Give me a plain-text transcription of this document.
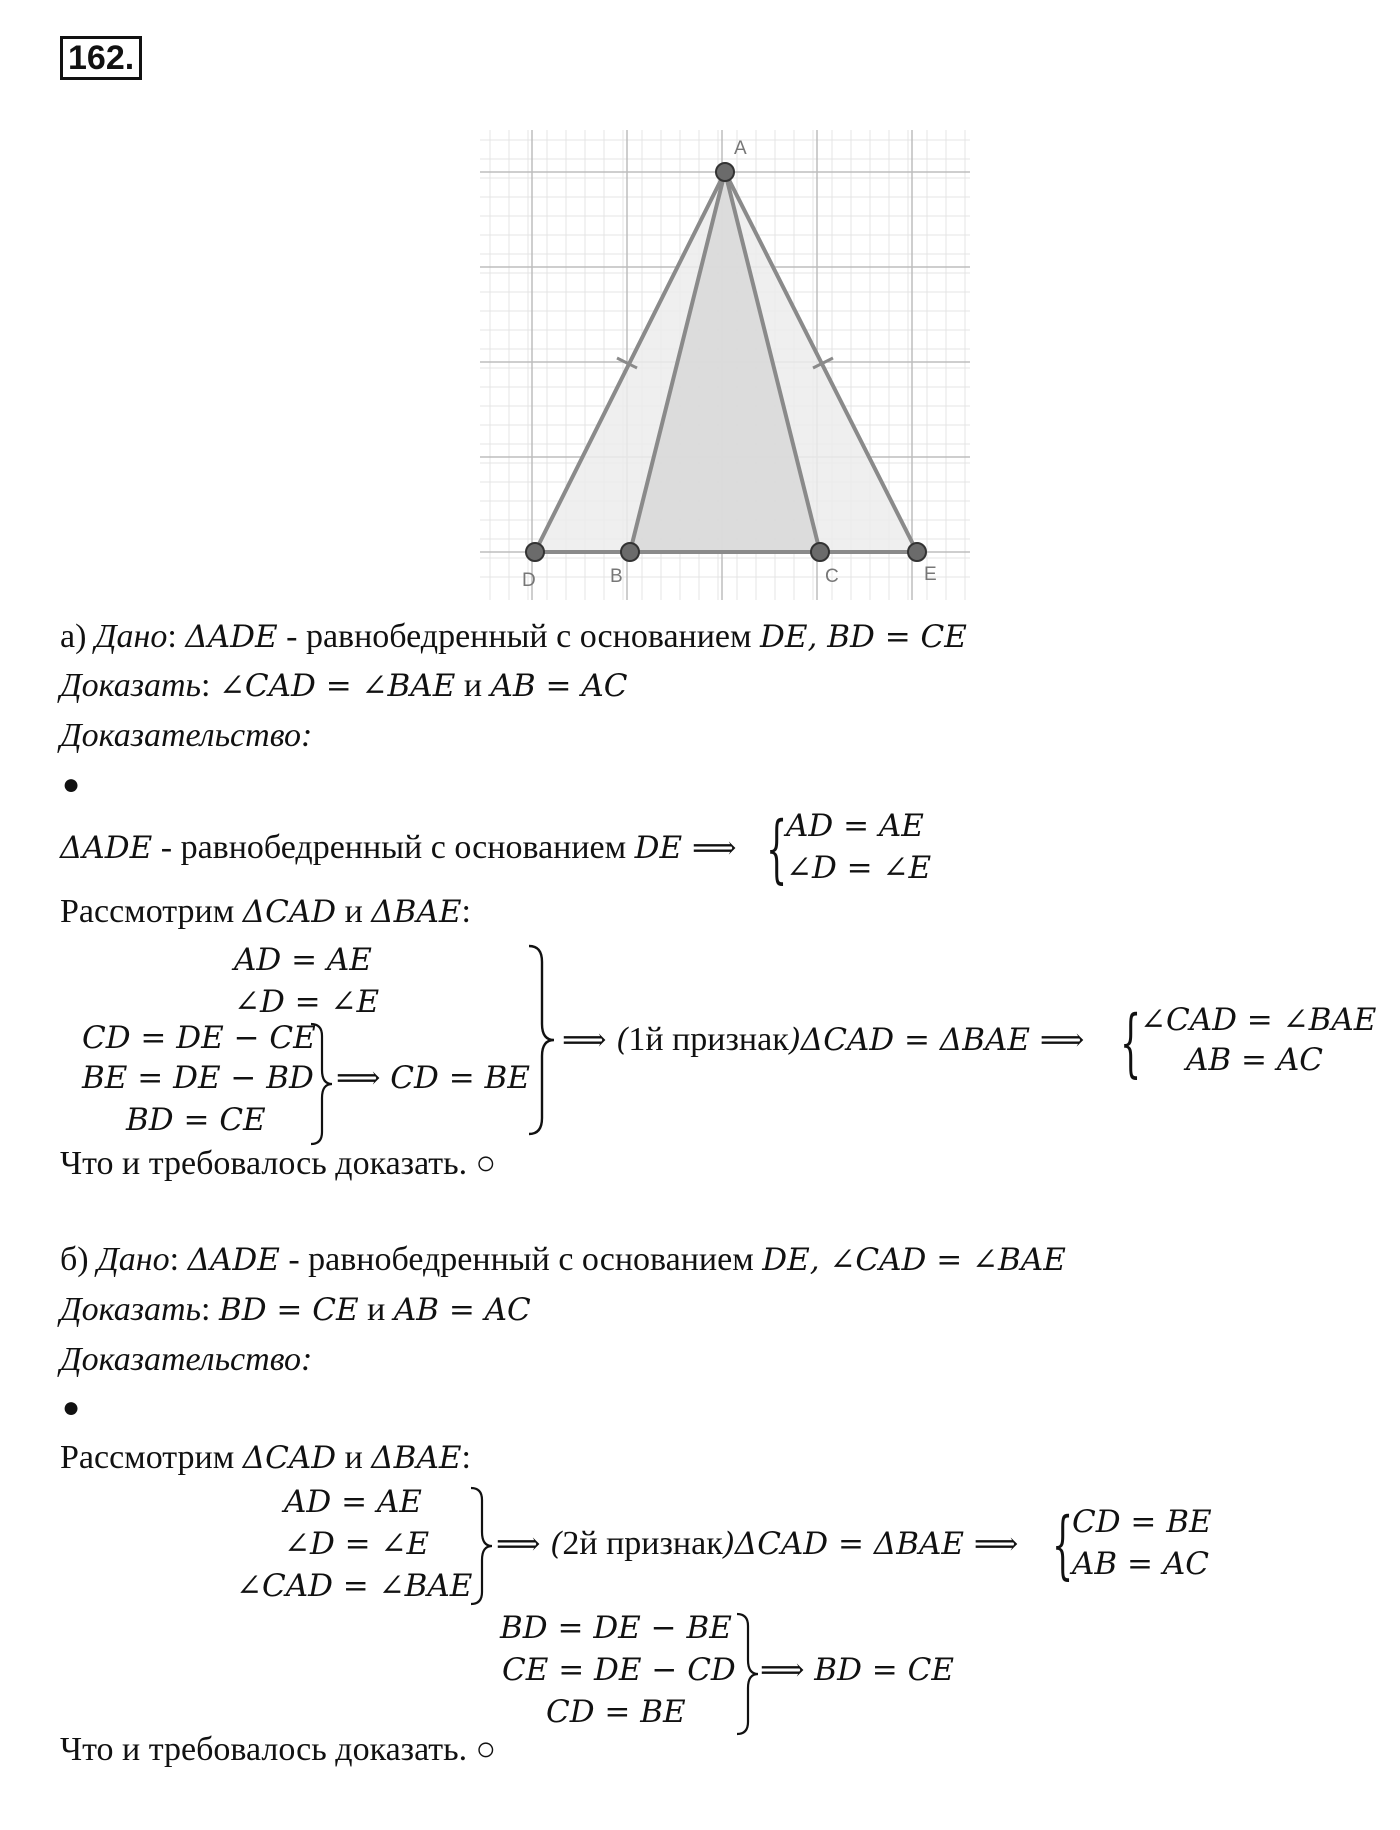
162.
A
D	B	C	E
а) Дано: ΔADE - равнобедренный с основанием DE, BD = CE
Доказать: ∠CAD = ∠BAE и AB = AC
Доказательство:
●
ΔADE - равнобедренный с основанием DE ⟹ {
AD = AE
∠D = ∠E
Рассмотрим ΔCAD и ΔBAE:
AD = AE
∠D = ∠E
CD = DE − CE
BE = DE − BD
BD = CE
⟹ CD = BE
⟹ (1й признак)ΔCAD = ΔBAE ⟹ {
∠CAD = ∠BAE
AB = AC
Что и требовалось доказать. ○
б) Дано: ΔADE - равнобедренный с основанием DE, ∠CAD = ∠BAE
Доказать: BD = CE и AB = AC
Доказательство:
●
Рассмотрим ΔCAD и ΔBAE:
AD = AE
∠D = ∠E
∠CAD = ∠BAE
⟹ (2й признак)ΔCAD = ΔBAE ⟹ {
CD = BE
AB = AC
BD = DE − BE
CE = DE − CD
CD = BE
⟹ BD = CE
Что и требовалось доказать. ○
